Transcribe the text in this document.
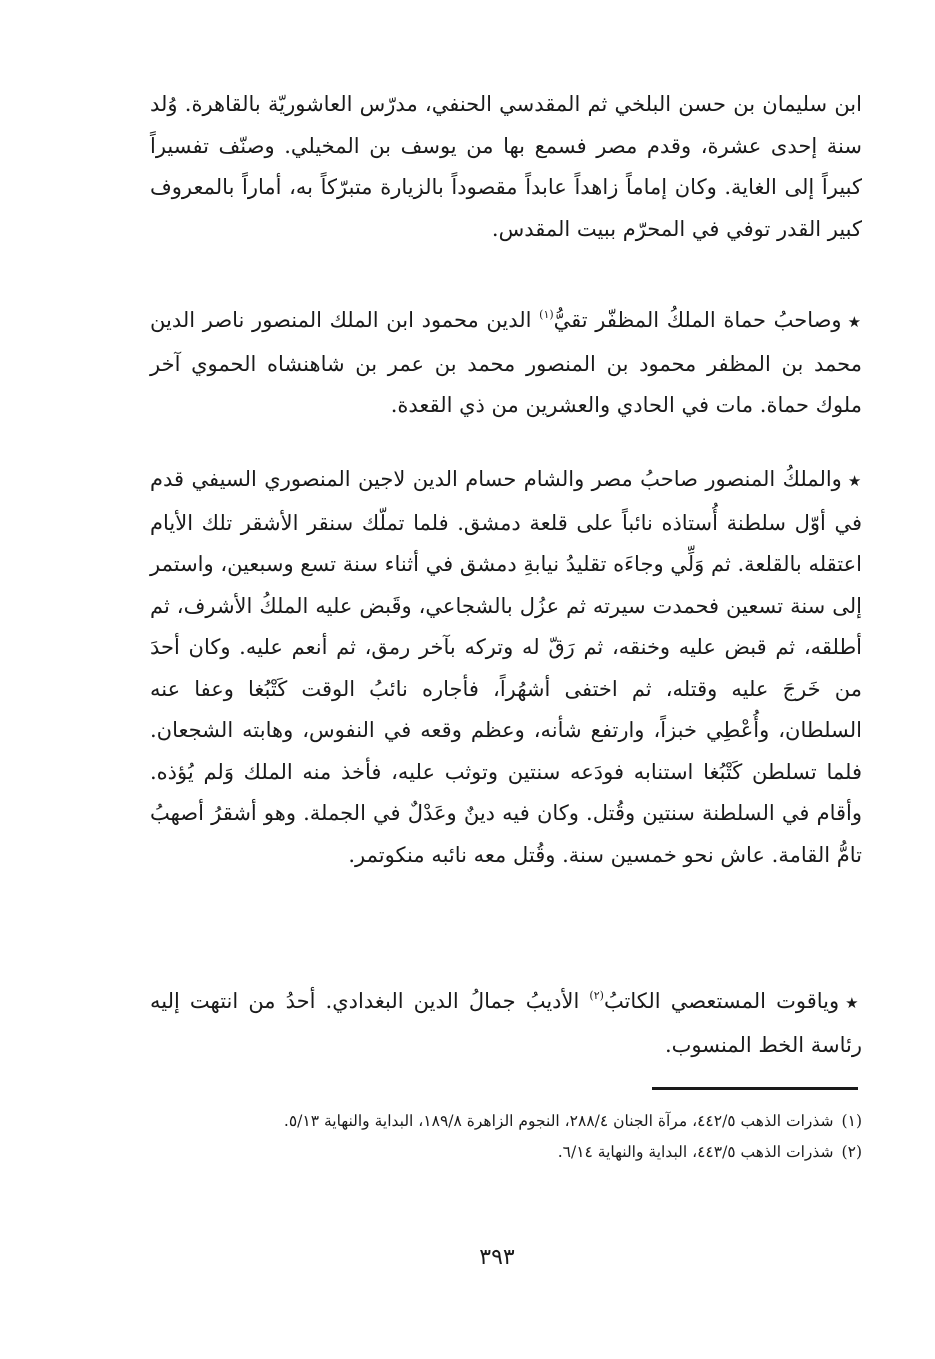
ابن سليمان بن حسن البلخي ثم المقدسي الحنفي، مدرّس العاشوريّة بالقاهرة. وُلد سنة إحدى عشرة، وقدم مصر فسمع بها من يوسف بن المخيلي. وصنّف تفسيراً كبيراً إلى الغاية. وكان إماماً زاهداً عابداً مقصوداً بالزيارة متبرّكاً به، أماراً بالمعروف كبير القدر توفي في المحرّم ببيت المقدس.

★وصاحبُ حماة الملكُ المظفّر تقيُّ$^{(١)}$ الدين محمود ابن الملك المنصور ناصر الدين محمد بن المظفر محمود بن المنصور محمد بن عمر بن شاهنشاه الحموي آخر ملوك حماة. مات في الحادي والعشرين من ذي القعدة.

★والملكُ المنصور صاحبُ مصر والشام حسام الدين لاجين المنصوري السيفي قدم في أوّل سلطنة أُستاذه نائباً على قلعة دمشق. فلما تملّك سنقر الأشقر تلك الأيام اعتقله بالقلعة. ثم وَلِّي وجاءَه تقليدُ نيابةِ دمشق في أثناء سنة تسع وسبعين، واستمر إلى سنة تسعين فحمدت سيرته ثم عزُل بالشجاعي، وقَبض عليه الملكُ الأشرف، ثم أطلقه، ثم قبض عليه وخنقه، ثم رَقّ له وتركه بآخر رمق، ثم أنعم عليه. وكان أحدَ من خَرجَ عليه وقتله، ثم اختفى أشهُراً، فأجاره نائبُ الوقت كَتْبُغا وعفا عنه السلطان، وأُعْطِي خبزاً، وارتفع شأنه، وعظم وقعه في النفوس، وهابته الشجعان. فلما تسلطن كَتْبُغا استنابه فودَعه سنتين وتوثب عليه، فأخذ منه الملك وَلم يُؤذه. وأقام في السلطنة سنتين وقُتل. وكان فيه دينٌ وعَدْلٌ في الجملة. وهو أشقرُ أصهبُ تامُّ القامة. عاش نحو خمسين سنة. وقُتل معه نائبه منكوتمر.

★وياقوت المستعصي الكاتبُ$^{(٢)}$ الأديبُ جمالُ الدين البغدادي. أحدُ من انتهت إليه رئاسة الخط المنسوب.

(١)شذرات الذهب ٤٤٢/٥، مرآة الجنان ٢٨٨/٤، النجوم الزاهرة ١٨٩/٨، البداية والنهاية ٥/١٣.
(٢)شذرات الذهب ٤٤٣/٥، البداية والنهاية ٦/١٤.
٣٩٣
